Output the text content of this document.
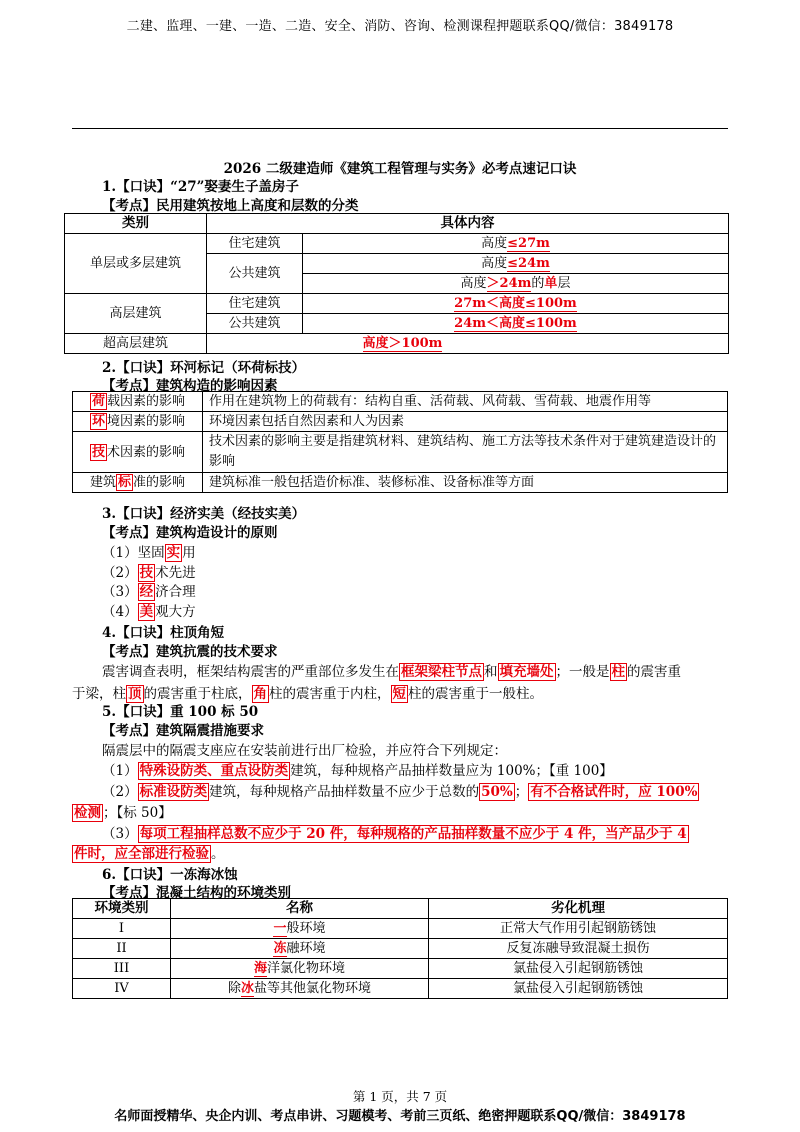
二建、监理、一建、一造、二造、安全、消防、咨询、检测课程押题联系QQ/微信：3849178
2026 二级建造师《建筑工程管理与实务》必考点速记口诀
1.【口诀】“27”娶妻生子盖房子
【考点】民用建筑按地上高度和层数的分类
类别	具体内容	
单层或多层建筑	住宅建筑	高度≤27m
	公共建筑	高度≤24m
		高度＞24m的单层
高层建筑	住宅建筑	27m＜高度≤100m
	公共建筑	24m＜高度≤100m
超高层建筑	高度＞100m	
2.【口诀】环河标记（环荷标技）
【考点】建筑构造的影响因素
荷 载因素的影响	作用在建筑物上的荷载有：结构自重、活荷载、风荷载、雪荷载、地震作用等
环 境因素的影响	环境因素包括自然因素和人为因素
技 术因素的影响	技术因素的影响主要是指建筑材料、建筑结构、施工方法等技术条件对于建筑建造设计的影响
建筑 标 准的影响	建筑标准一般包括造价标准、装修标准、设备标准等方面
3.【口诀】经济实美（经技实美）
【考点】建筑构造设计的原则
（1）坚固 实 用
（2） 技 术先进
（3） 经 济合理
（4） 美 观大方
4.【口诀】柱顶角短
【考点】建筑抗震的技术要求
震害调查表明，框架结构震害的严重部位多发生在 框架梁柱节点 和 填充墙处 ；一般是 柱 的震害重
于梁，柱 顶 的震害重于柱底， 角 柱的震害重于内柱， 短 柱的震害重于一般柱。
5.【口诀】重 100 标 50
【考点】建筑隔震措施要求
隔震层中的隔震支座应在安装前进行出厂检验，并应符合下列规定：
（1） 特殊设防类、重点设防类 建筑，每种规格产品抽样数量应为 100%；【重 100】
（2） 标准设防类 建筑，每种规格产品抽样数量不应少于总数的 50% ； 有不合格试件时，应 100%
检测 ；【标 50】
（3） 每项工程抽样总数不应少于 20 件，每种规格的产品抽样数量不应少于 4 件，当产品少于 4
件时，应全部进行检验 。
6.【口诀】一冻海冰蚀
【考点】混凝土结构的环境类别
环境类别	名称	劣化机理
I	一般环境	正常大气作用引起钢筋锈蚀
II	冻融环境	反复冻融导致混凝土损伤
III	海洋氯化物环境	氯盐侵入引起钢筋锈蚀
IV	除冰盐等其他氯化物环境	氯盐侵入引起钢筋锈蚀
第 1 页，共 7 页
名师面授精华、央企内训、考点串讲、习题模考、考前三页纸、绝密押题联系QQ/微信：3849178
